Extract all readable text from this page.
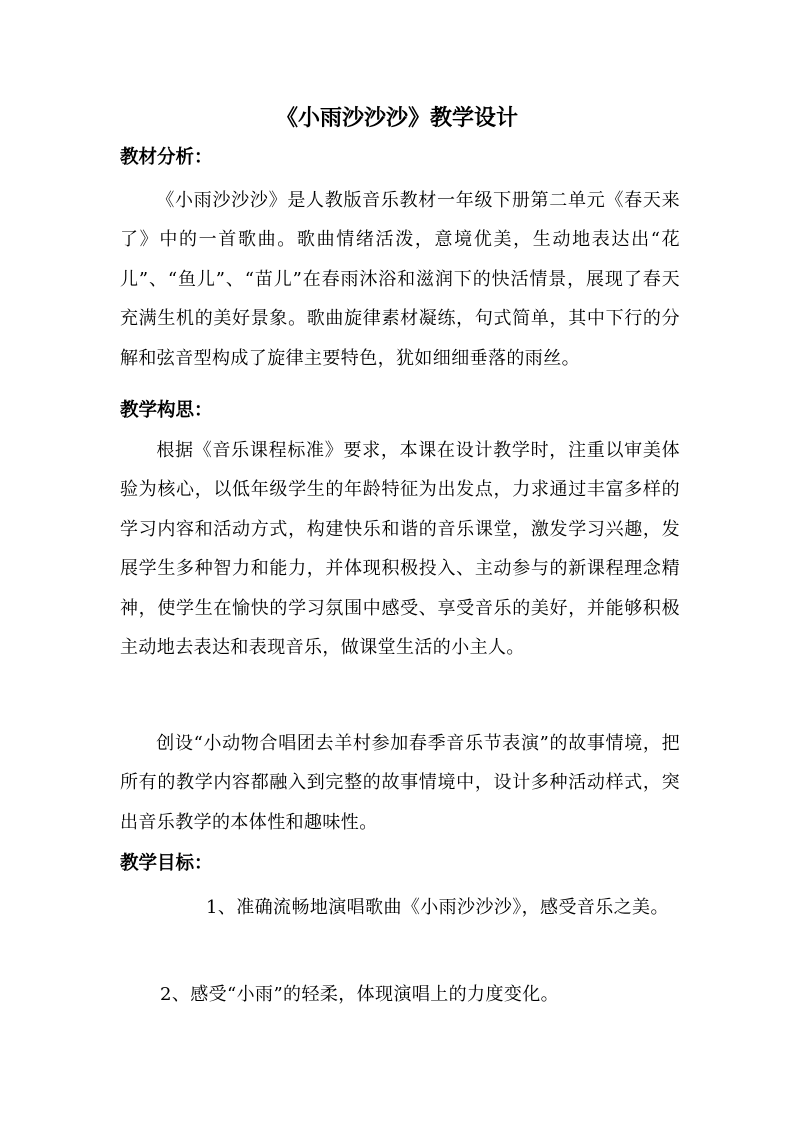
《小雨沙沙沙》教学设计
教材分析：

《小雨沙沙沙》是人教版音乐教材一年级下册第二单元《春天来了》中的一首歌曲。歌曲情绪活泼，意境优美，生动地表达出“花儿”、“鱼儿”、“苗儿”在春雨沐浴和滋润下的快活情景，展现了春天充满生机的美好景象。歌曲旋律素材凝练，句式简单，其中下行的分解和弦音型构成了旋律主要特色，犹如细细垂落的雨丝。

教学构思：

根据《音乐课程标准》要求，本课在设计教学时，注重以审美体验为核心，以低年级学生的年龄特征为出发点，力求通过丰富多样的学习内容和活动方式，构建快乐和谐的音乐课堂，激发学习兴趣，发展学生多种智力和能力，并体现积极投入、主动参与的新课程理念精神，使学生在愉快的学习氛围中感受、享受音乐的美好，并能够积极主动地去表达和表现音乐，做课堂生活的小主人。

创设“小动物合唱团去羊村参加春季音乐节表演”的故事情境，把所有的教学内容都融入到完整的故事情境中，设计多种活动样式，突出音乐教学的本体性和趣味性。

教学目标：

1、准确流畅地演唱歌曲《小雨沙沙沙》，感受音乐之美。

2、感受“小雨”的轻柔，体现演唱上的力度变化。
